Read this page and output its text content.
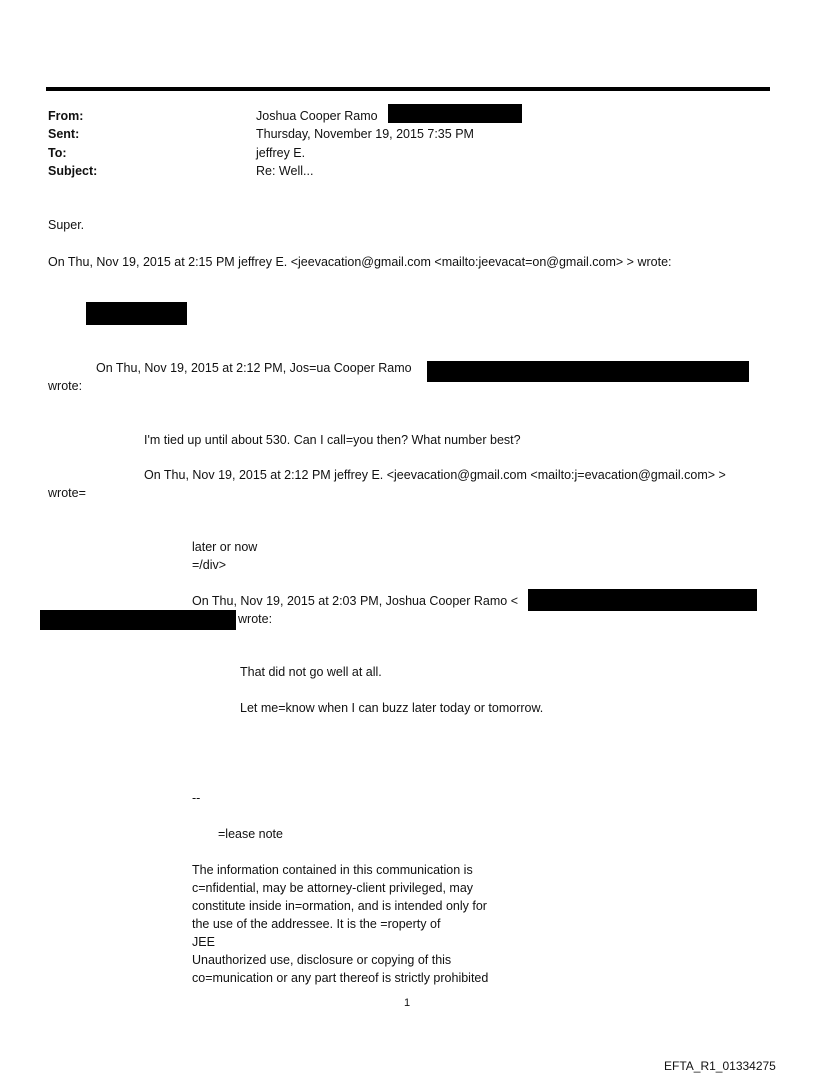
From:	Joshua Cooper Ramo
Sent:	Thursday, November 19, 2015 7:35 PM
To:	jeffrey E.
Subject:	Re: Well...
Super.
On Thu, Nov 19, 2015 at 2:15 PM jeffrey E. <jeevacation@gmail.com <mailto:jeevacat=on@gmail.com> > wrote:
On Thu, Nov 19, 2015 at 2:12 PM, Jos=ua Cooper Ramo
wrote:
I'm tied up until about 530. Can I call=you then? What number best?
On Thu, Nov 19, 2015 at 2:12 PM jeffrey E. <jeevacation@gmail.com <mailto:j=evacation@gmail.com> >
wrote=
later or now
=/div>
On Thu, Nov 19, 2015 at 2:03 PM, Joshua Cooper Ramo <
wrote:
That did not go well at all.
Let me=know when I can buzz later today or tomorrow.
--
=lease note
The information contained in this communication is
c=nfidential, may be attorney-client privileged, may
constitute inside in=ormation, and is intended only for
the use of the addressee. It is the =roperty of
JEE
Unauthorized use, disclosure or copying of this
co=munication or any part thereof is strictly prohibited
1
EFTA_R1_01334275
